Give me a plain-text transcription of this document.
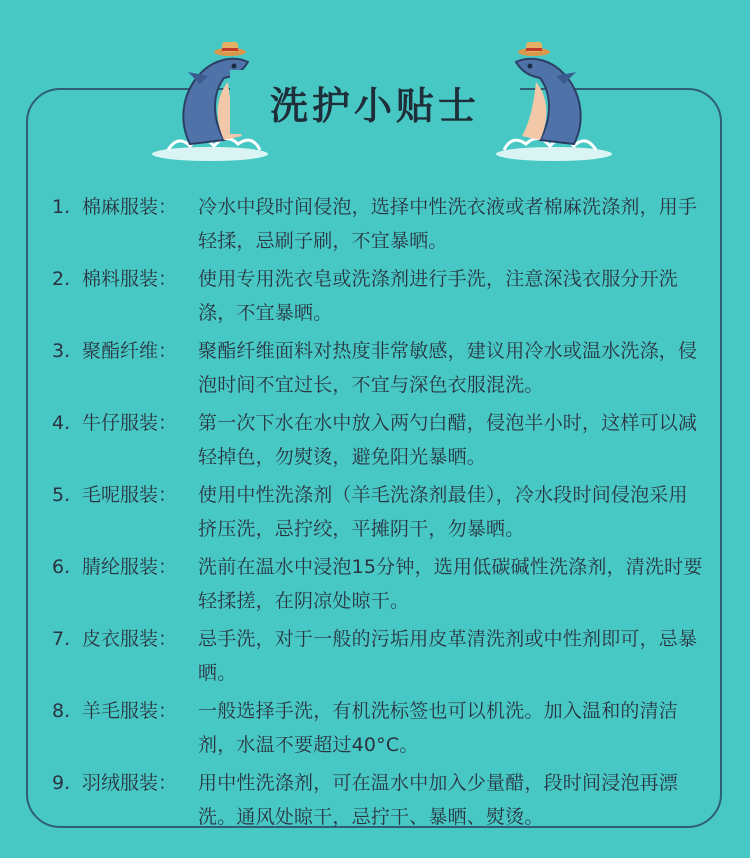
洗护小贴士
1. 棉麻服装：	冷水中段时间侵泡，选择中性洗衣液或者棉麻洗涤剂，用手轻揉，忌刷子刷，不宜暴晒。
2. 棉料服装：	使用专用洗衣皂或洗涤剂进行手洗，注意深浅衣服分开洗涤，不宜暴晒。
3. 聚酯纤维：	聚酯纤维面料对热度非常敏感，建议用冷水或温水洗涤，侵泡时间不宜过长，不宜与深色衣服混洗。
4. 牛仔服装：	第一次下水在水中放入两勺白醋，侵泡半小时，这样可以减轻掉色，勿熨烫，避免阳光暴晒。
5. 毛呢服装：	使用中性洗涤剂（羊毛洗涤剂最佳），冷水段时间侵泡采用挤压洗，忌拧绞，平摊阴干，勿暴晒。
6. 腈纶服装：	洗前在温水中浸泡15分钟，选用低碳碱性洗涤剂，清洗时要轻揉搓，在阴凉处晾干。
7. 皮衣服装：	忌手洗，对于一般的污垢用皮革清洗剂或中性剂即可，忌暴晒。
8. 羊毛服装：	一般选择手洗，有机洗标签也可以机洗。加入温和的清洁剂，水温不要超过40°C。
9. 羽绒服装：	用中性洗涤剂，可在温水中加入少量醋，段时间浸泡再漂洗。通风处晾干，忌拧干、暴晒、熨烫。
